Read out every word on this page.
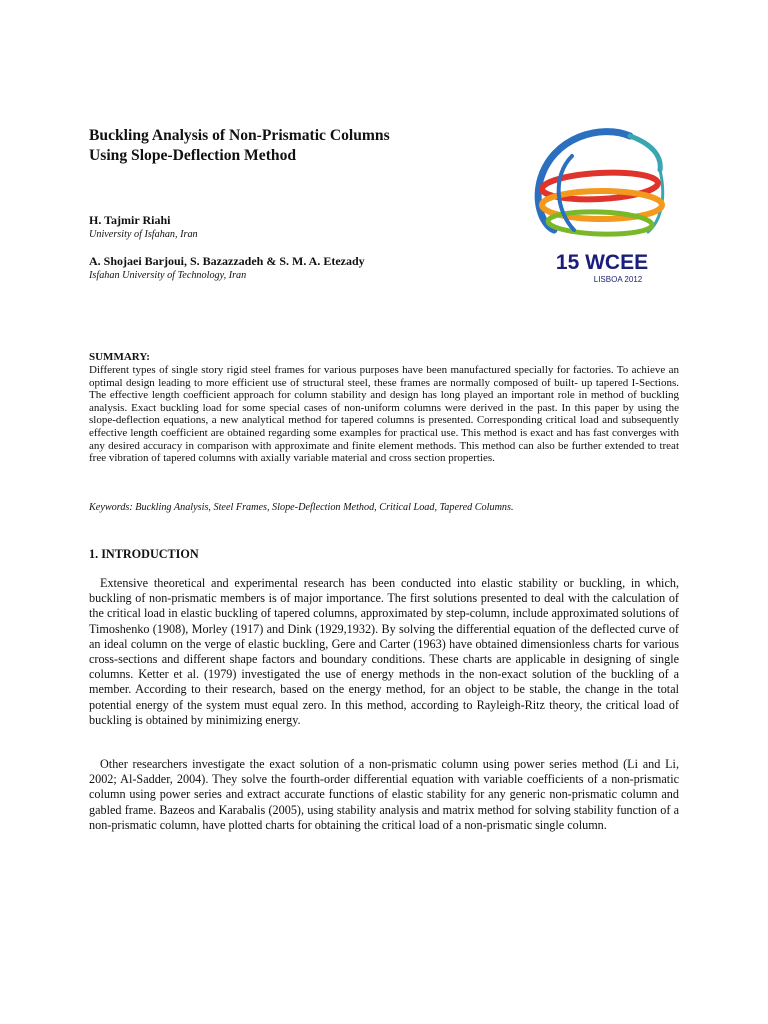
Buckling Analysis of Non-Prismatic Columns
Using Slope-Deflection Method
H. Tajmir Riahi
University of Isfahan, Iran
A. Shojaei Barjoui, S. Bazazzadeh & S. M. A. Etezady
Isfahan University of Technology, Iran
15 WCEE
LISBOA 2012
SUMMARY:
Different types of single story rigid steel frames for various purposes have been manufactured specially for factories. To achieve an optimal design leading to more efficient use of structural steel, these frames are normally composed of built- up tapered I-Sections. The effective length coefficient approach for column stability and design has long played an important role in method of buckling analysis. Exact buckling load for some special cases of non-uniform columns were derived in the past. In this paper by using the slope-deflection equations, a new analytical method for tapered columns is presented. Corresponding critical load and subsequently effective length coefficient are obtained regarding some examples for practical use. This method is exact and has fast converges with any desired accuracy in comparison with approximate and finite element methods. This method can also be further extended to treat free vibration of tapered columns with axially variable material and cross section properties.
Keywords: Buckling Analysis, Steel Frames, Slope-Deflection Method, Critical Load, Tapered Columns.
1. INTRODUCTION

Extensive theoretical and experimental research has been conducted into elastic stability or buckling, in which, buckling of non-prismatic members is of major importance. The first solutions presented to deal with the calculation of the critical load in elastic buckling of tapered columns, approximated by step-column, include approximated solutions of Timoshenko (1908), Morley (1917) and Dink (1929,1932). By solving the differential equation of the deflected curve of an ideal column on the verge of elastic buckling, Gere and Carter (1963) have obtained dimensionless charts for various cross-sections and different shape factors and boundary conditions. These charts are applicable in designing of single columns. Ketter et al. (1979) investigated the use of energy methods in the non-exact solution of the buckling of a member. According to their research, based on the energy method, for an object to be stable, the change in the total potential energy of the system must equal zero. In this method, according to Rayleigh-Ritz theory, the critical load of buckling is obtained by minimizing energy.

Other researchers investigate the exact solution of a non-prismatic column using power series method (Li and Li, 2002; Al-Sadder, 2004). They solve the fourth-order differential equation with variable coefficients of a non-prismatic column using power series and extract accurate functions of elastic stability for any generic non-prismatic column and gabled frame. Bazeos and Karabalis (2005), using stability analysis and matrix method for solving stability function of a non-prismatic column, have plotted charts for obtaining the critical load of a non-prismatic single column.
